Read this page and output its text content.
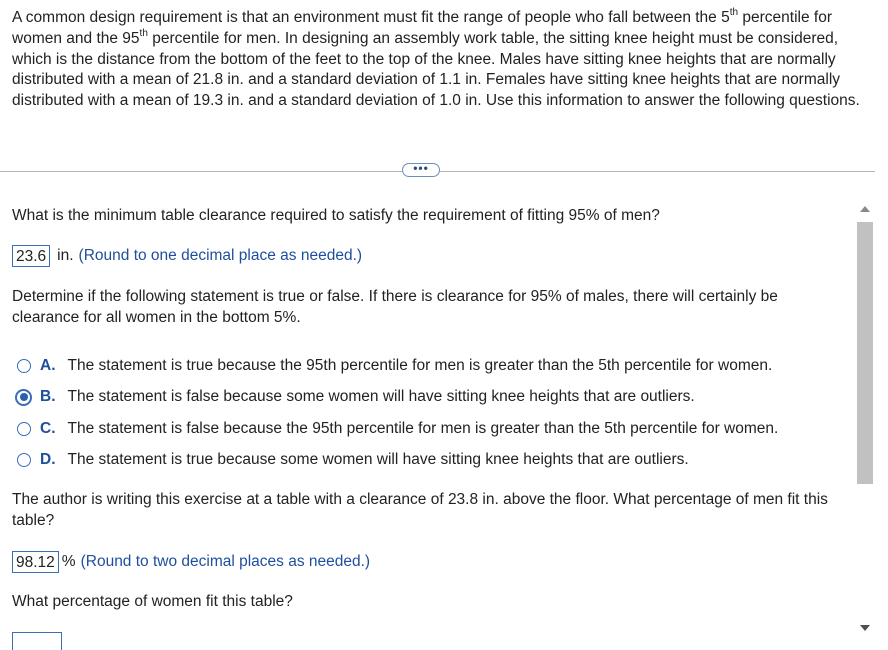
A common design requirement is that an environment must fit the range of people who fall between the 5th percentile for women and the 95th percentile for men. In designing an assembly work table, the sitting knee height must be considered, which is the distance from the bottom of the feet to the top of the knee. Males have sitting knee heights that are normally distributed with a mean of 21.8 in. and a standard deviation of 1.1 in. Females have sitting knee heights that are normally distributed with a mean of 19.3 in. and a standard deviation of 1.0 in. Use this information to answer the following questions.
•••
What is the minimum table clearance required to satisfy the requirement of fitting 95% of men?
23.6 in. (Round to one decimal place as needed.)
Determine if the following statement is true or false. If there is clearance for 95% of males, there will certainly be clearance for all women in the bottom 5%.
A. The statement is true because the 95th percentile for men is greater than the 5th percentile for women.
B. The statement is false because some women will have sitting knee heights that are outliers.
C. The statement is false because the 95th percentile for men is greater than the 5th percentile for women.
D. The statement is true because some women will have sitting knee heights that are outliers.
The author is writing this exercise at a table with a clearance of 23.8 in. above the floor. What percentage of men fit this table?
98.12 % (Round to two decimal places as needed.)
What percentage of women fit this table?
